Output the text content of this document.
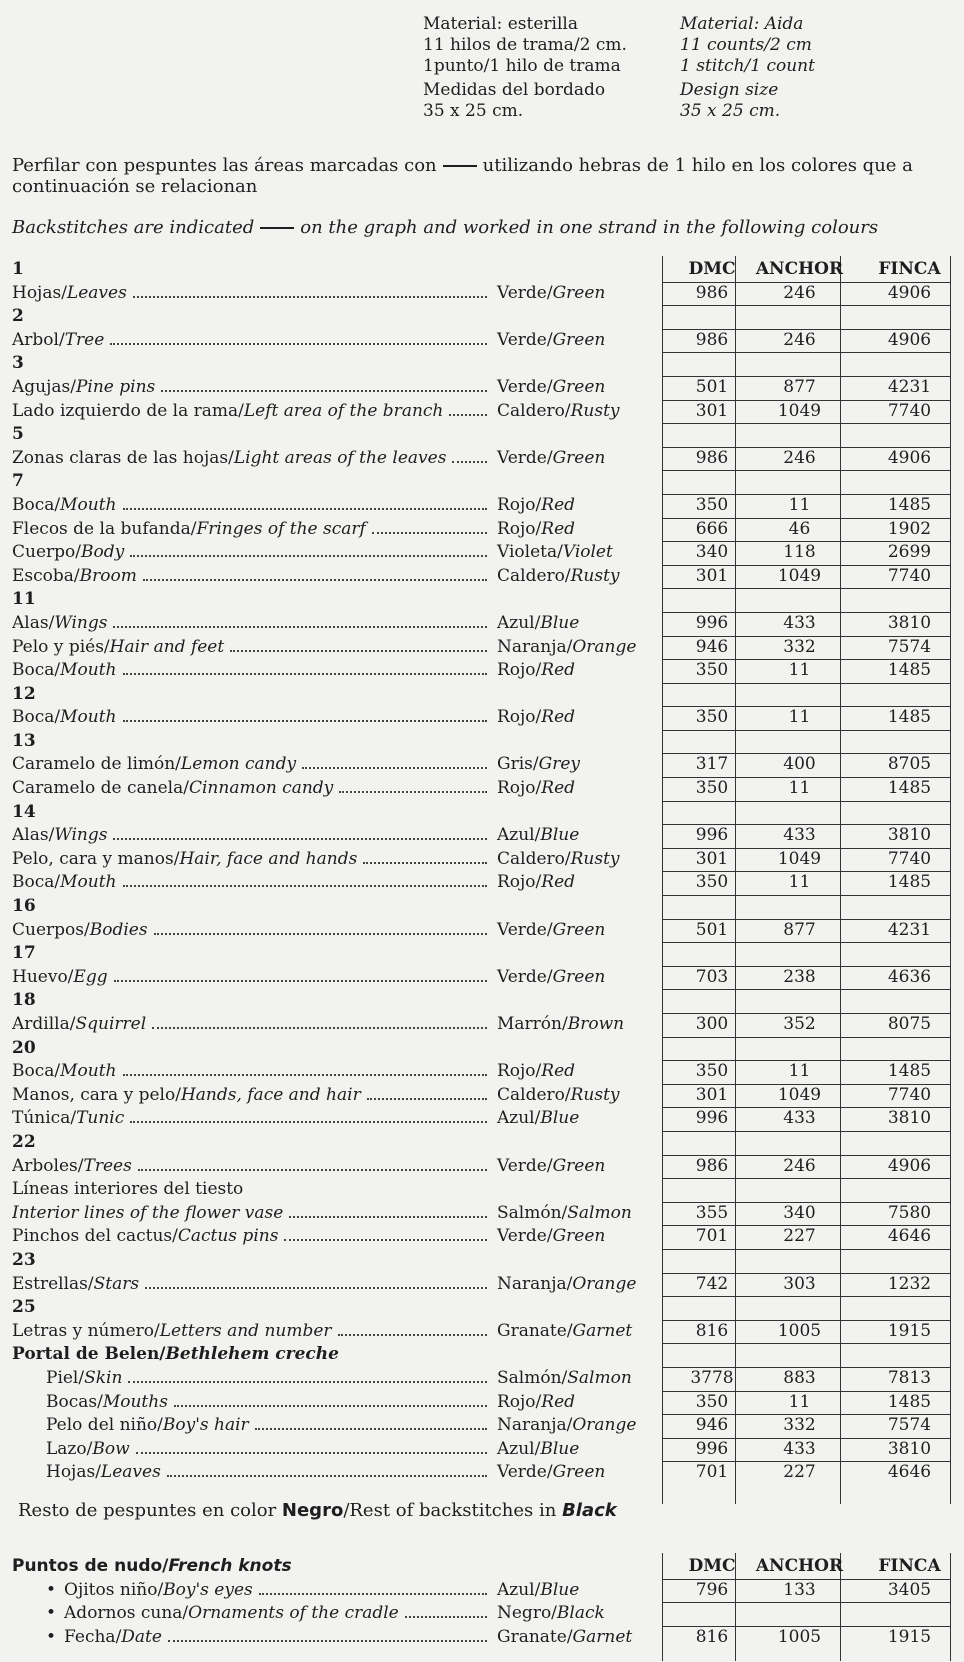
Material: esterilla
11 hilos de trama/2 cm.
1punto/1 hilo de trama
Medidas del bordado
35 x 25 cm.
Material: Aida
11 counts/2 cm
1 stitch/1 count
Design size
35 x 25 cm.
Perfilar con pespuntes las áreas marcadas con	utilizando hebras de 1 hilo en los colores que a continuación se relacionan
Backstitches are indicated	on the graph and worked in one strand in the following colours
1	DMC	ANCHOR	FINCA
Hojas/Leaves	Verde/Green	986	246	4906
2
Arbol/Tree	Verde/Green	986	246	4906
3
Agujas/Pine pins	Verde/Green	501	877	4231
Lado izquierdo de la rama/Left area of the branch	Caldero/Rusty	301	1049	7740
5
Zonas claras de las hojas/Light areas of the leaves	Verde/Green	986	246	4906
7
Boca/Mouth	Rojo/Red	350	11	1485
Flecos de la bufanda/Fringes of the scarf	Rojo/Red	666	46	1902
Cuerpo/Body	Violeta/Violet	340	118	2699
Escoba/Broom	Caldero/Rusty	301	1049	7740
11
Alas/Wings	Azul/Blue	996	433	3810
Pelo y piés/Hair and feet	Naranja/Orange	946	332	7574
Boca/Mouth	Rojo/Red	350	11	1485
12
Boca/Mouth	Rojo/Red	350	11	1485
13
Caramelo de limón/Lemon candy	Gris/Grey	317	400	8705
Caramelo de canela/Cinnamon candy	Rojo/Red	350	11	1485
14
Alas/Wings	Azul/Blue	996	433	3810
Pelo, cara y manos/Hair, face and hands	Caldero/Rusty	301	1049	7740
Boca/Mouth	Rojo/Red	350	11	1485
16
Cuerpos/Bodies	Verde/Green	501	877	4231
17
Huevo/Egg	Verde/Green	703	238	4636
18
Ardilla/Squirrel	Marrón/Brown	300	352	8075
20
Boca/Mouth	Rojo/Red	350	11	1485
Manos, cara y pelo/Hands, face and hair	Caldero/Rusty	301	1049	7740
Túnica/Tunic	Azul/Blue	996	433	3810
22
Arboles/Trees	Verde/Green	986	246	4906
Líneas interiores del tiesto
Interior lines of the flower vase	Salmón/Salmon	355	340	7580
Pinchos del cactus/Cactus pins	Verde/Green	701	227	4646
23
Estrellas/Stars	Naranja/Orange	742	303	1232
25
Letras y número/Letters and number	Granate/Garnet	816	1005	1915
Portal de Belen/Bethlehem creche
Piel/Skin	Salmón/Salmon	3778	883	7813
Bocas/Mouths	Rojo/Red	350	11	1485
Pelo del niño/Boy's hair	Naranja/Orange	946	332	7574
Lazo/Bow	Azul/Blue	996	433	3810
Hojas/Leaves	Verde/Green	701	227	4646
Resto de pespuntes en color Negro/Rest of backstitches in Black
Puntos de nudo/ French knots	DMC	ANCHOR	FINCA
• Ojitos niño/Boy's eyes	Azul/Blue	796	133	3405
• Adornos cuna/Ornaments of the cradle	Negro/Black
• Fecha/Date	Granate/Garnet	816	1005	1915
